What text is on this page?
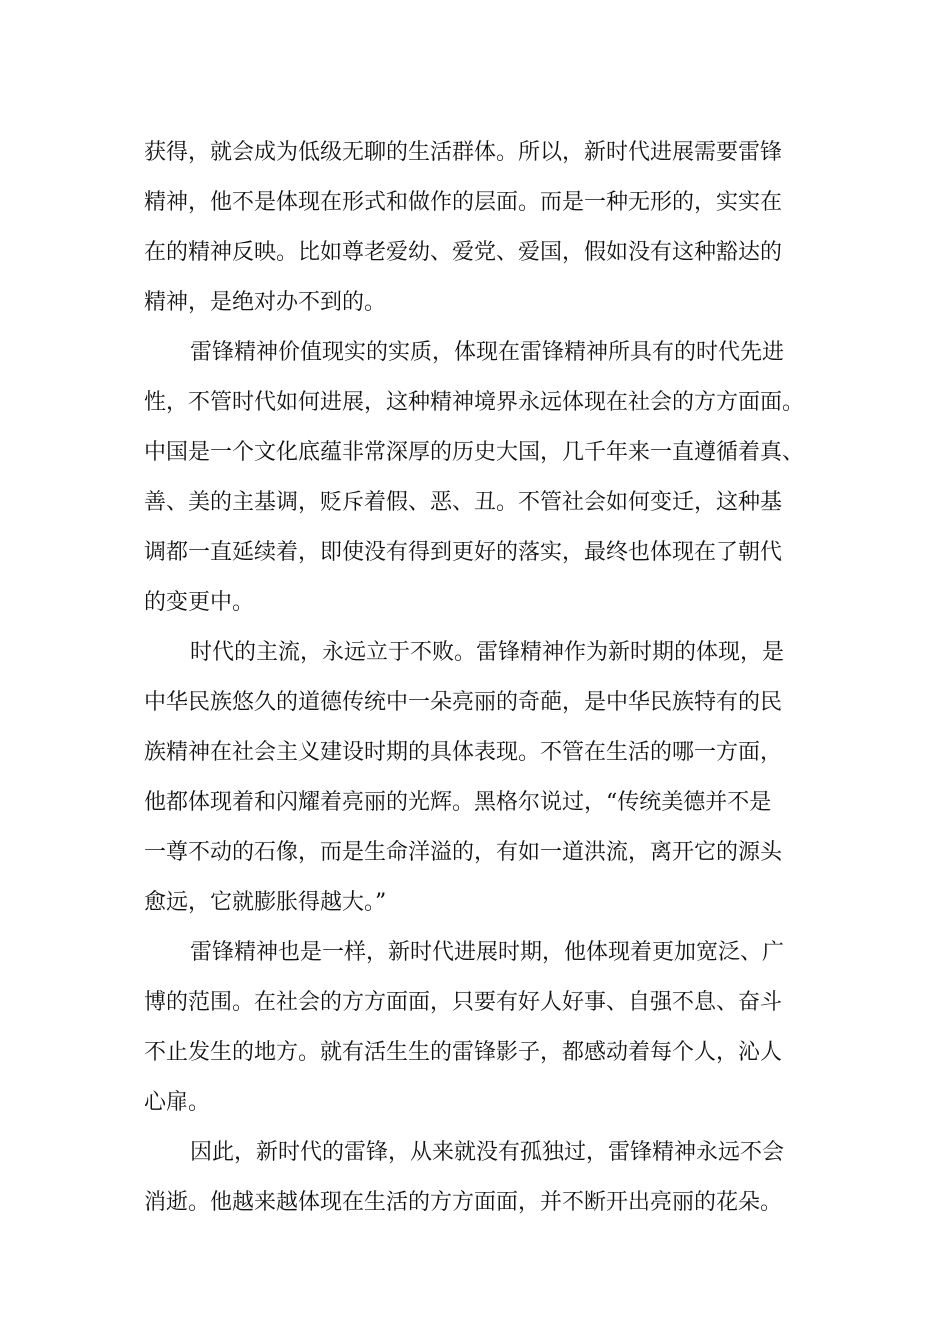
获得，就会成为低级无聊的生活群体。所以，新时代进展需要雷锋
精神，他不是体现在形式和做作的层面。而是一种无形的，实实在
在的精神反映。比如尊老爱幼、爱党、爱国，假如没有这种豁达的
精神，是绝对办不到的。
雷锋精神价值现实的实质，体现在雷锋精神所具有的时代先进
性，不管时代如何进展，这种精神境界永远体现在社会的方方面面。
中国是一个文化底蕴非常深厚的历史大国，几千年来一直遵循着真、
善、美的主基调，贬斥着假、恶、丑。不管社会如何变迁，这种基
调都一直延续着，即使没有得到更好的落实，最终也体现在了朝代
的变更中。
时代的主流，永远立于不败。雷锋精神作为新时期的体现，是
中华民族悠久的道德传统中一朵亮丽的奇葩，是中华民族特有的民
族精神在社会主义建设时期的具体表现。不管在生活的哪一方面，
他都体现着和闪耀着亮丽的光辉。黑格尔说过，“传统美德并不是
一尊不动的石像，而是生命洋溢的，有如一道洪流，离开它的源头
愈远，它就膨胀得越大。”
雷锋精神也是一样，新时代进展时期，他体现着更加宽泛、广
博的范围。在社会的方方面面，只要有好人好事、自强不息、奋斗
不止发生的地方。就有活生生的雷锋影子，都感动着每个人，沁人
心扉。
因此，新时代的雷锋，从来就没有孤独过，雷锋精神永远不会
消逝。他越来越体现在生活的方方面面，并不断开出亮丽的花朵。
